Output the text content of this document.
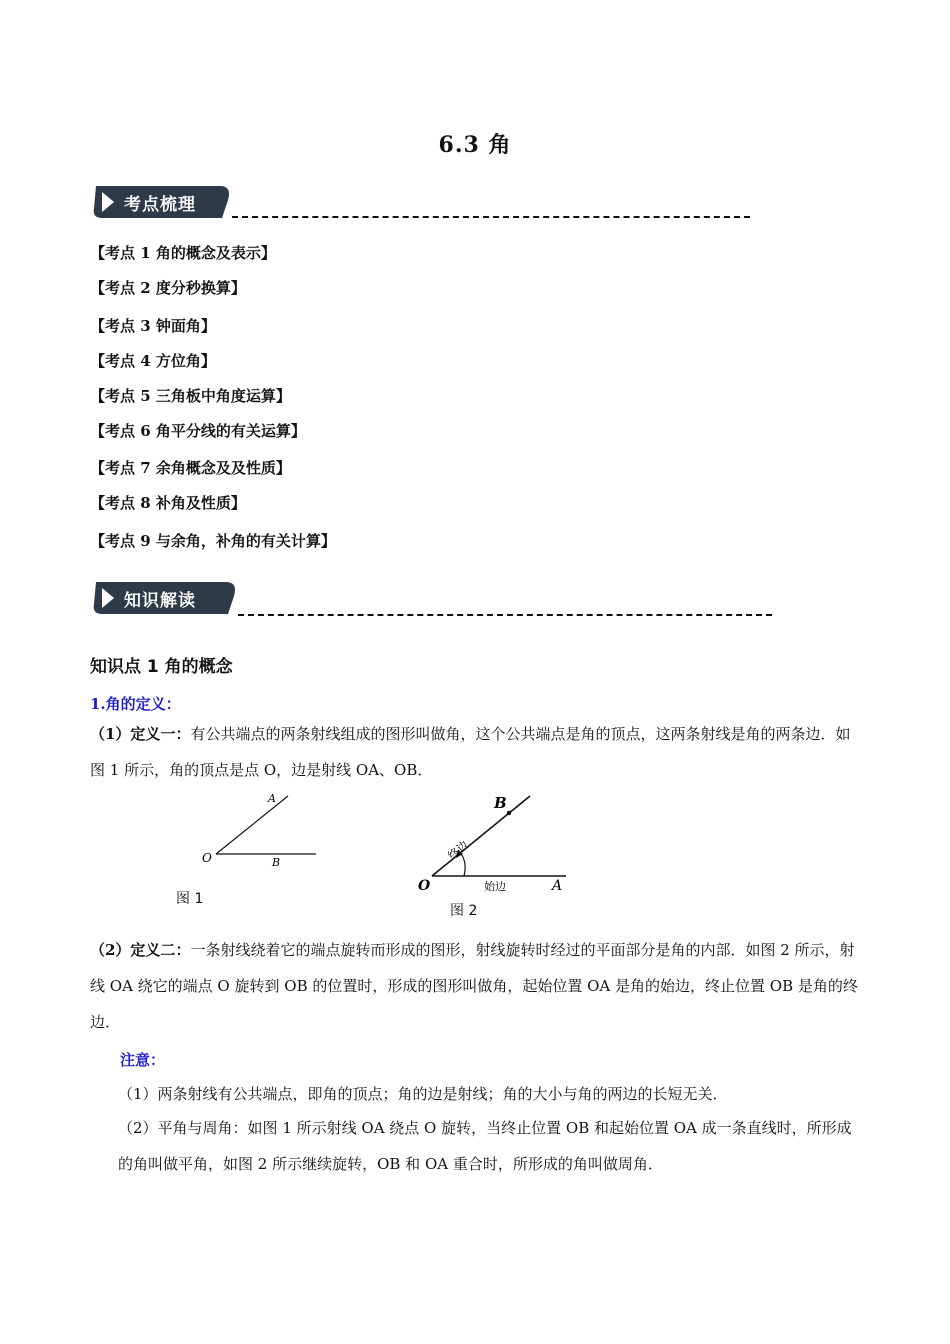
6.3 角
考点梳理
【考点 1 角的概念及表示】
【考点 2 度分秒换算】
【考点 3 钟面角】
【考点 4 方位角】
【考点 5 三角板中角度运算】
【考点 6 角平分线的有关运算】
【考点 7 余角概念及及性质】
【考点 8 补角及性质】
【考点 9 与余角，补角的有关计算】
知识解读
知识点 1 角的概念
1.角的定义：
（1）定义一：有公共端点的两条射线组成的图形叫做角，这个公共端点是角的顶点，这两条射线是角的两条边．如图 1 所示，角的顶点是点 O，边是射线 OA、OB．
A
B
O
图 1
B
A
O
终边
始边
图 2
（2）定义二：一条射线绕着它的端点旋转而形成的图形，射线旋转时经过的平面部分是角的内部．如图 2 所示，射线 OA 绕它的端点 O 旋转到 OB 的位置时，形成的图形叫做角，起始位置 OA 是角的始边，终止位置 OB 是角的终边．
注意：
（1）两条射线有公共端点，即角的顶点；角的边是射线；角的大小与角的两边的长短无关．
（2）平角与周角：如图 1 所示射线 OA 绕点 O 旋转，当终止位置 OB 和起始位置 OA 成一条直线时，所形成的角叫做平角，如图 2 所示继续旋转，OB 和 OA 重合时，所形成的角叫做周角．
